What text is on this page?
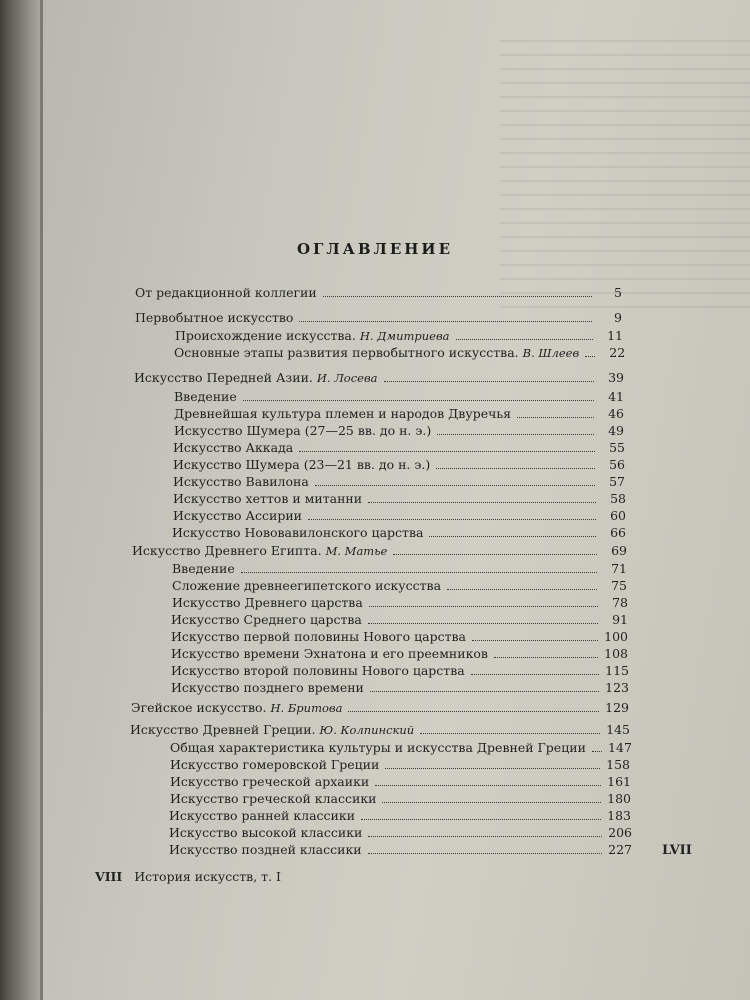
ОГЛАВЛЕНИЕ
От редакционной коллегии	5
Первобытное искусство	9
Происхождение искусства. Н. Дмитриева	11
Основные этапы развития первобытного искусства. В. Шлеев	22
Искусство Передней Азии. И. Лосева	39
Введение	41
Древнейшая культура племен и народов Двуречья	46
Искусство Шумера (27—25 вв. до н. э.)	49
Искусство Аккада	55
Искусство Шумера (23—21 вв. до н. э.)	56
Искусство Вавилона	57
Искусство хеттов и митанни	58
Искусство Ассирии	60
Искусство Нововавилонского царства	66
Искусство Древнего Египта. М. Матье	69
Введение	71
Сложение древнеегипетского искусства	75
Искусство Древнего царства	78
Искусство Среднего царства	91
Искусство первой половины Нового царства	100
Искусство времени Эхнатона и его преемников	108
Искусство второй половины Нового царства	115
Искусство позднего времени	123
Эгейское искусство. Н. Бритова	129
Искусство Древней Греции. Ю. Колпинский	145
Общая характеристика культуры и искусства Древней Греции 147
Искусство гомеровской Греции	158
Искусство греческой архаики	161
Искусство греческой классики	180
Искусство ранней классики	183
Искусство высокой классики	206
Искусство поздней классики	227 LVII
VIII История искусств, т. I
